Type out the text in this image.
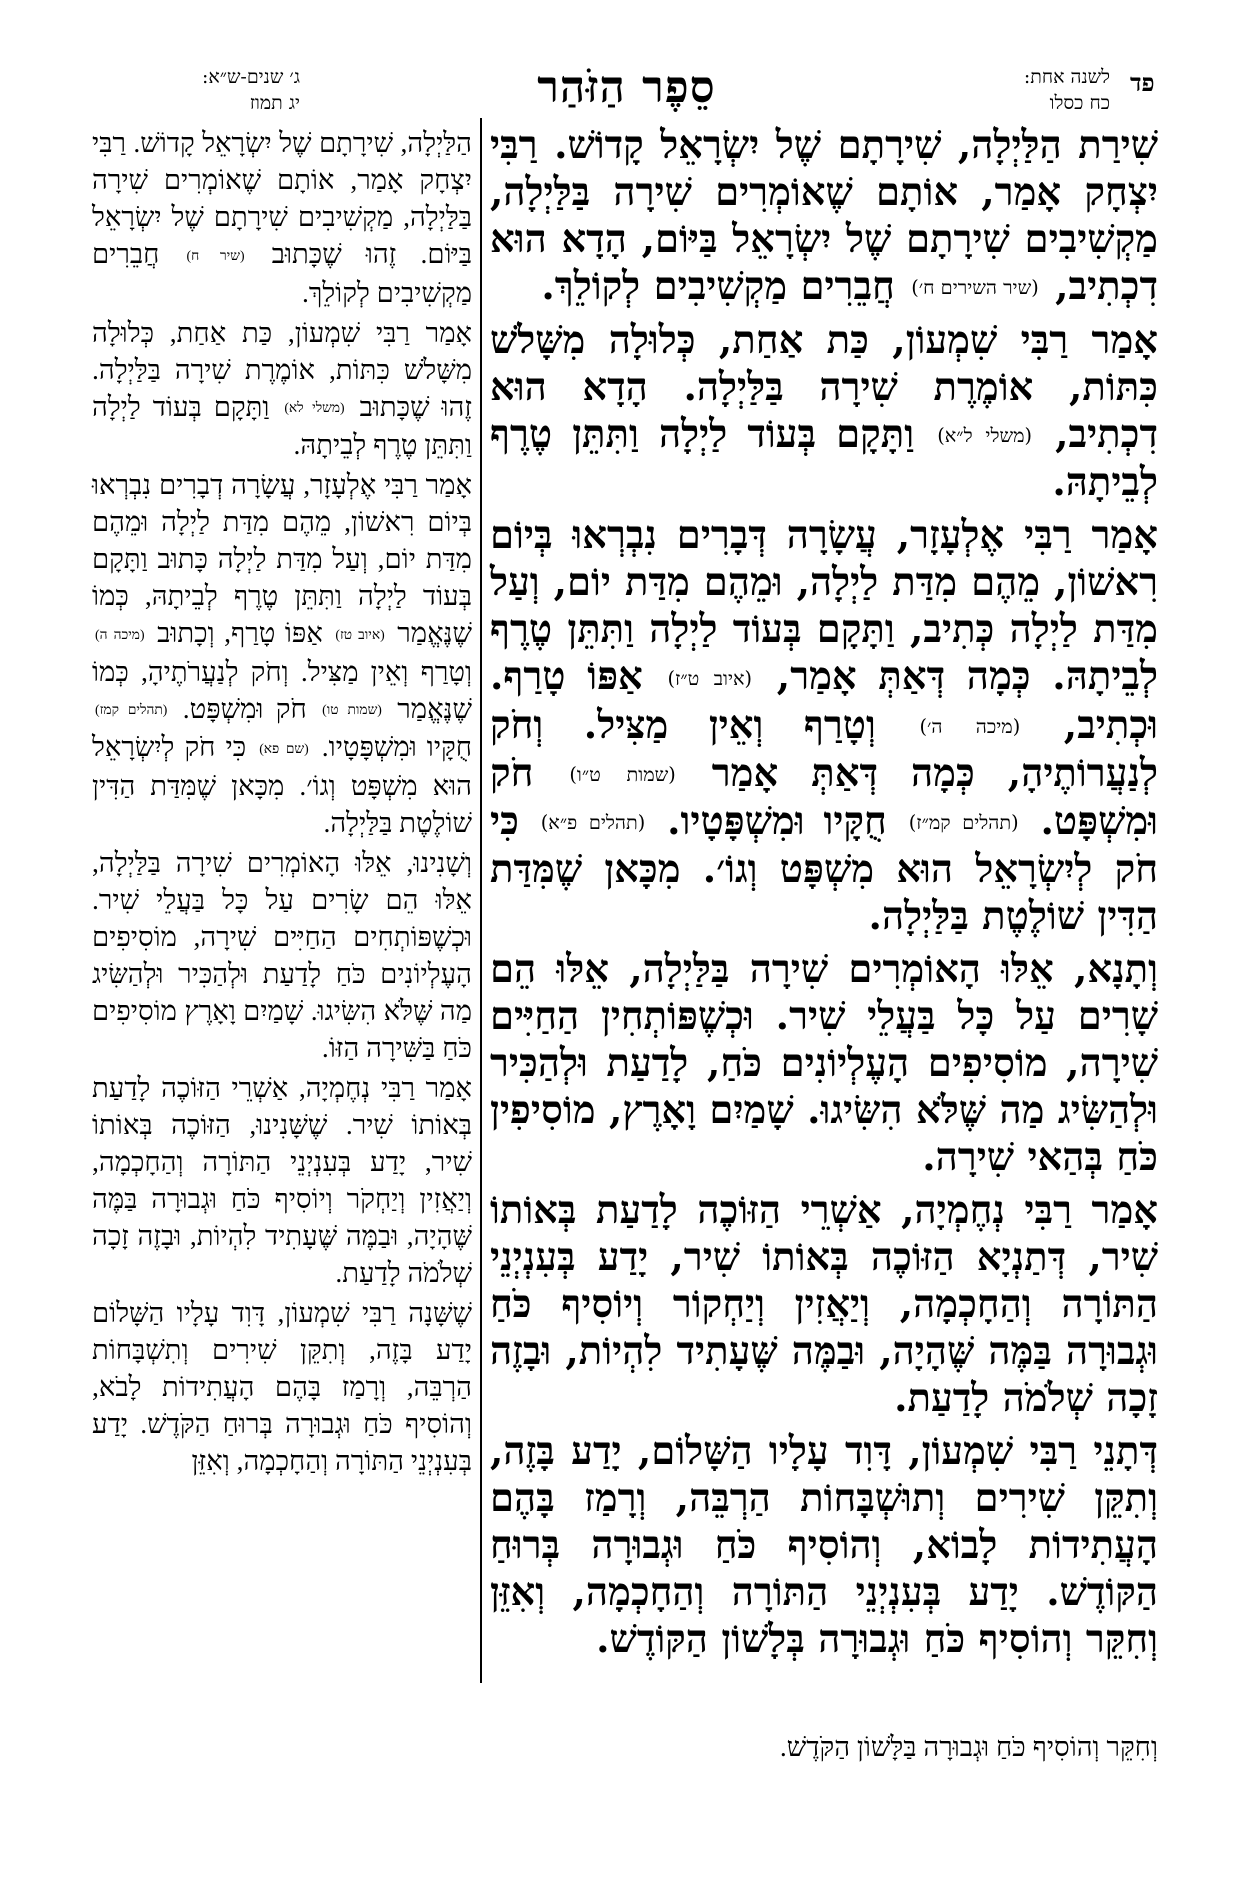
פד
לשנה אחת:
כח כסלו
סֵפֶר הַזֹּהַר
ג׳ שנים-ש״א:
יג תמוז
שִׁירַת הַלַּיְלָה, שִׁירָתָם שֶׁל יִשְׂרָאֵל קָדוֹשׁ. רַבִּי יִצְחָק אָמַר, אוֹתָם שֶׁאוֹמְרִים שִׁירָה בַּלַּיְלָה, מַקְשִׁיבִים שִׁירָתָם שֶׁל יִשְׂרָאֵל בַּיּוֹם, הָדָא הוּא דִכְתִיב, (שיר השירים ח׳) חֲבֵרִים מַקְשִׁיבִים לְקוֹלֵךְ.
אָמַר רַבִּי שִׁמְעוֹן, כַּת אַחַת, כְּלוּלָה מִשָּׁלֹשׁ כִּתּוֹת, אוֹמֶרֶת שִׁירָה בַּלַּיְלָה. הָדָא הוּא דִכְתִיב, (משלי ל״א) וַתָּקָם בְּעוֹד לַיְלָה וַתִּתֵּן טֶרֶף לְבֵיתָהּ.
אָמַר רַבִּי אֶלְעָזָר, עֲשָׂרָה דְּבָרִים נִבְרְאוּ בְּיוֹם רִאשׁוֹן, מֵהֶם מִדַּת לַיְלָה, וּמֵהֶם מִדַּת יוֹם, וְעַל מִדַּת לַיְלָה כְּתִיב, וַתָּקָם בְּעוֹד לַיְלָה וַתִּתֵּן טֶרֶף לְבֵיתָהּ. כְּמָה דְּאַתְּ אָמַר, (איוב ט״ז) אַפּוֹ טָרַף. וּכְתִיב, (מיכה ה׳) וְטָרַף וְאֵין מַצִּיל. וְחֹק לְנַעֲרוֹתֶיהָ, כְּמָה דְּאַתְּ אָמַר (שמות ט״ו) חֹק וּמִשְׁפָּט. (תהלים קמ״ז) חֻקָּיו וּמִשְׁפָּטָיו. (תהלים פ״א) כִּי חֹק לְיִשְׂרָאֵל הוּא מִשְׁפָּט וְגוֹ׳. מִכָּאן שֶׁמִּדַּת הַדִּין שׁוֹלֶטֶת בַּלַּיְלָה.
וְתָנָא, אֵלּוּ הָאוֹמְרִים שִׁירָה בַּלַּיְלָה, אֵלּוּ הֵם שָׁרִים עַל כָּל בַּעֲלֵי שִׁיר. וּכְשֶׁפּוֹתְחִין הַחַיִּים שִׁירָה, מוֹסִיפִים הָעֶלְיוֹנִים כֹּחַ, לָדַעַת וּלְהַכִּיר וּלְהַשִּׂיג מַה שֶּׁלֹּא הִשִּׂיגוּ. שָׁמַיִם וָאָרֶץ, מוֹסִיפִין כֹּחַ בְּהַאי שִׁירָה.
אָמַר רַבִּי נְחֶמְיָה, אַשְׁרֵי הַזּוֹכֶה לָדַעַת בְּאוֹתוֹ שִׁיר, דְּתַנְיָא הַזּוֹכֶה בְּאוֹתוֹ שִׁיר, יָדַע בְּעִנְיְנֵי הַתּוֹרָה וְהַחָכְמָה, וְיַאֲזִין וְיַחְקוֹר וְיוֹסִיף כֹּחַ וּגְבוּרָה בַּמֶּה שֶּׁהָיָה, וּבַמֶּה שֶּׁעָתִיד לִהְיוֹת, וּבָזֶה זָכָה שְׁלֹמֹה לָדַעַת.
דְּתָנֵי רַבִּי שִׁמְעוֹן, דָּוִד עָלָיו הַשָּׁלוֹם, יָדַע בָּזֶה, וְתִקֵּן שִׁירִים וְתוּשְׁבָּחוֹת הַרְבֵּה, וְרָמַז בָּהֶם הָעֲתִידוֹת לָבוֹא, וְהוֹסִיף כֹּחַ וּגְבוּרָה בְּרוּחַ הַקּוֹדֶשׁ. יָדַע בְּעִנְיְנֵי הַתּוֹרָה וְהַחָכְמָה, וְאִזֵּן וְחִקֵּר וְהוֹסִיף כֹּחַ וּגְבוּרָה בְּלָשׁוֹן הַקּוֹדֶשׁ.
הַלַּיְלָה, שִׁירָתָם שֶׁל יִשְׂרָאֵל קָדוֹשׁ. רַבִּי יִצְחָק אָמַר, אוֹתָם שֶׁאוֹמְרִים שִׁירָה בַּלַּיְלָה, מַקְשִׁיבִים שִׁירָתָם שֶׁל יִשְׂרָאֵל בַּיּוֹם. זֶהוּ שֶׁכָּתוּב (שיר ח) חֲבֵרִים מַקְשִׁיבִים לְקוֹלֵךְ.
אָמַר רַבִּי שִׁמְעוֹן, כַּת אַחַת, כְּלוּלָה מִשָּׁלֹשׁ כִּתּוֹת, אוֹמֶרֶת שִׁירָה בַּלַּיְלָה. זֶהוּ שֶׁכָּתוּב (משלי לא) וַתָּקָם בְּעוֹד לַיְלָה וַתִּתֵּן טֶרֶף לְבֵיתָהּ.
אָמַר רַבִּי אֶלְעָזָר, עֲשָׂרָה דְבָרִים נִבְרְאוּ בְּיוֹם רִאשׁוֹן, מֵהֶם מִדַּת לַיְלָה וּמֵהֶם מִדַּת יוֹם, וְעַל מִדַּת לַיְלָה כָּתוּב וַתָּקָם בְּעוֹד לַיְלָה וַתִּתֵּן טֶרֶף לְבֵיתָהּ, כְּמוֹ שֶׁנֶּאֱמַר (איוב טז) אַפּוֹ טָרַף, וְכָתוּב (מיכה ה) וְטָרַף וְאֵין מַצִּיל. וְחֹק לְנַעֲרֹתֶיהָ, כְּמוֹ שֶׁנֶּאֱמַר (שמות טו) חֹק וּמִשְׁפָּט. (תהלים קמז) חֻקָּיו וּמִשְׁפָּטָיו. (שם פא) כִּי חֹק לְיִשְׂרָאֵל הוּא מִשְׁפָּט וְגוֹ׳. מִכָּאן שֶׁמִּדַּת הַדִּין שׁוֹלֶטֶת בַּלַּיְלָה.
וְשָׁנִינוּ, אֵלּוּ הָאוֹמְרִים שִׁירָה בַּלַּיְלָה, אֵלּוּ הֵם שָׂרִים עַל כָּל בַּעֲלֵי שִׁיר. וּכְשֶׁפּוֹתְחִים הַחַיִּים שִׁירָה, מוֹסִיפִים הָעֶלְיוֹנִים כֹּחַ לָדַעַת וּלְהַכִּיר וּלְהַשִּׂיג מַה שֶּׁלֹּא הִשִּׂיגוּ. שָׁמַיִם וָאָרֶץ מוֹסִיפִים כֹּחַ בַּשִּׁירָה הַזּוֹ.
אָמַר רַבִּי נְחֶמְיָה, אַשְׁרֵי הַזּוֹכֶה לָדַעַת בְּאוֹתוֹ שִׁיר. שֶׁשָּׁנִינוּ, הַזּוֹכֶה בְּאוֹתוֹ שִׁיר, יָדַע בְּעִנְיְנֵי הַתּוֹרָה וְהַחָכְמָה, וְיַאֲזִין וְיַחְקֹר וְיוֹסִיף כֹּחַ וּגְבוּרָה בַּמֶּה שֶּׁהָיָה, וּבַמֶּה שֶּׁעָתִיד לִהְיוֹת, וּבָזֶה זָכָה שְׁלֹמֹה לָדַעַת.
שֶׁשָּׁנָה רַבִּי שִׁמְעוֹן, דָּוִד עָלָיו הַשָּׁלוֹם יָדַע בָּזֶה, וְתִקֵּן שִׁירִים וְתִשְׁבָּחוֹת הַרְבֵּה, וְרָמַז בָּהֶם הָעֲתִידוֹת לָבֹא, וְהוֹסִיף כֹּחַ וּגְבוּרָה בְּרוּחַ הַקֹּדֶשׁ. יָדַע בְּעִנְיְנֵי הַתּוֹרָה וְהַחָכְמָה, וְאִזֵּן
וְחִקֵּר וְהוֹסִיף כֹּחַ וּגְבוּרָה בַּלָּשׁוֹן הַקֹּדֶשׁ.
